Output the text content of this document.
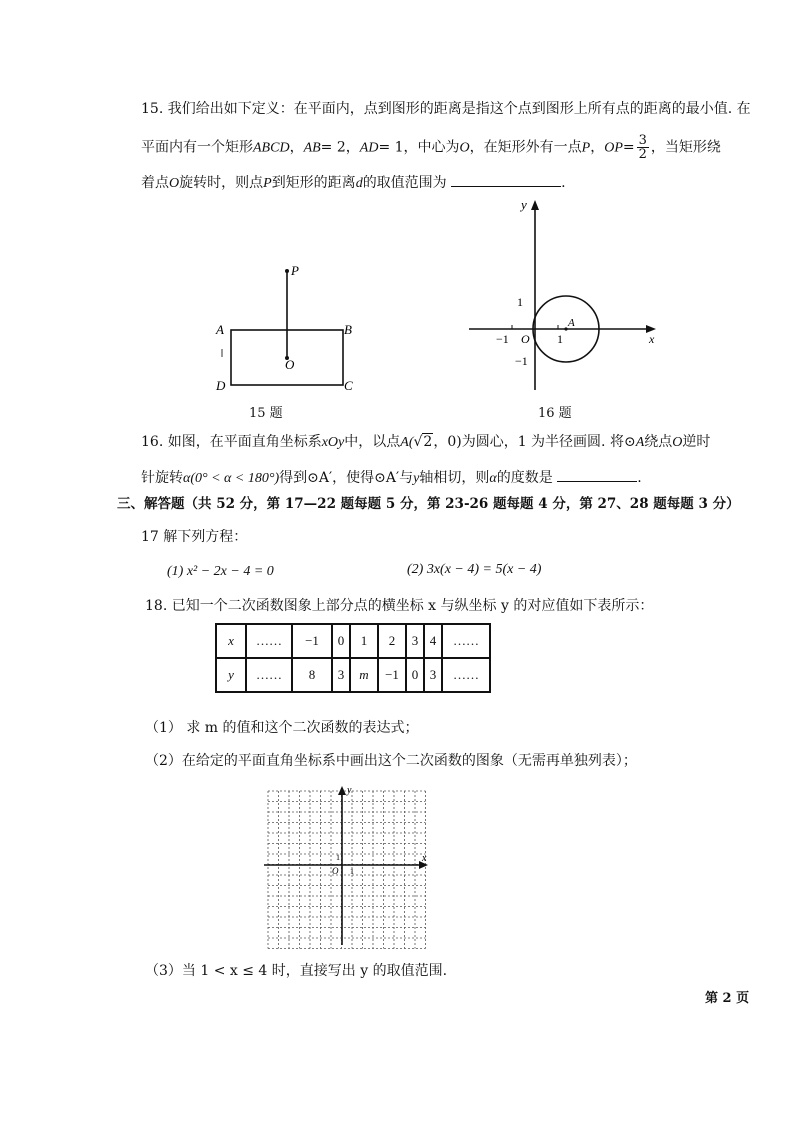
15. 我们给出如下定义：在平面内，点到图形的距离是指这个点到图形上所有点的距离的最小值. 在
平面内有一个矩形ABCD，AB= 2，AD= 1，中心为O，在矩形外有一点P，$OP= \frac{3}{2}$ ，当矩形绕
着点O旋转时，则点P到矩形的距离d的取值范围为	.
P
A	B
D	C
O
15 题
y
x
1
−1 O 1
−1
A
16 题
16. 如图，在平面直角坐标系xOy中，以点A(√2，0)为圆心，1 为半径画圆. 将⊙A绕点O逆时
针旋转α(0° < α < 180°)得到⊙A′，使得⊙A′与y轴相切，则α的度数是	.
三、解答题（共 52 分，第 17—22 题每题 5 分，第 23-26 题每题 4 分，第 27、28 题每题 3 分）
17 解下列方程：
(1) x² − 2x − 4 = 0	(2) 3x(x − 4) = 5(x − 4)
18. 已知一个二次函数图象上部分点的横坐标 x 与纵坐标 y 的对应值如下表所示：
x	……	−1	0	1	2	3	4	……
y	……	8	3	m	−1	0	3	……
（1） 求 m 的值和这个二次函数的表达式；
（2）在给定的平面直角坐标系中画出这个二次函数的图象（无需再单独列表）；
y
x
O
1
1
（3）当 1 < x ≤ 4 时，直接写出 y 的取值范围.
第 2 页
